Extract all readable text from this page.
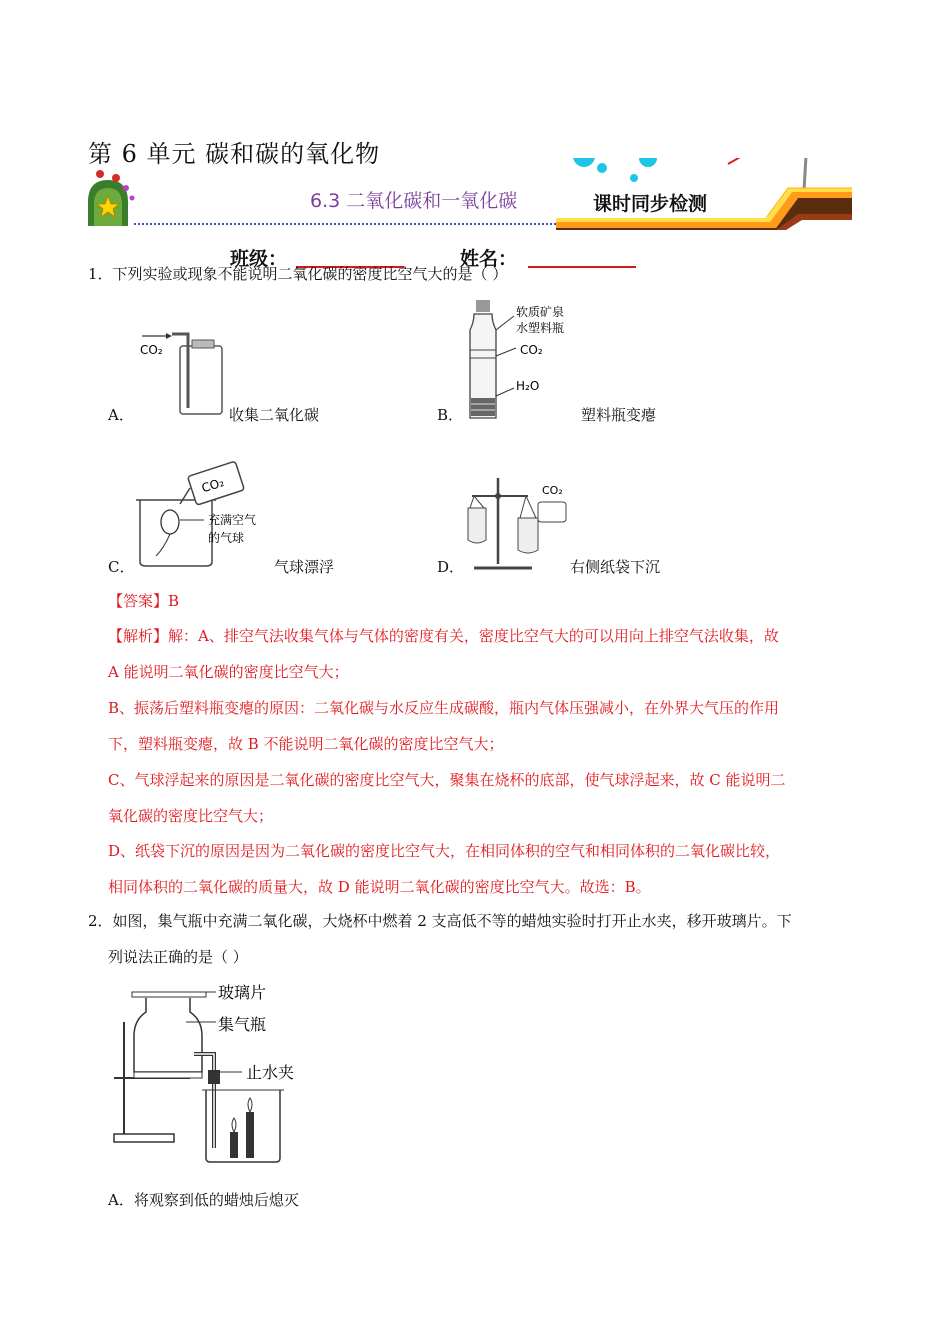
第 6 单元 碳和碳的氧化物
6.3 二氧化碳和一氧化碳	课时同步检测
班级：	姓名：
1．下列实验或现象不能说明二氧化碳的密度比空气大的是（ ）
CO₂
A．	收集二氧化碳
软质矿泉
水塑料瓶
CO₂
H₂O
B．	塑料瓶变瘪
CO₂
充满空气
的气球
C．	气球漂浮
CO₂
D．	右侧纸袋下沉
【答案】B
【解析】解：A、排空气法收集气体与气体的密度有关，密度比空气大的可以用向上排空气法收集，故
A 能说明二氧化碳的密度比空气大；
B、振荡后塑料瓶变瘪的原因：二氧化碳与水反应生成碳酸，瓶内气体压强减小，在外界大气压的作用
下，塑料瓶变瘪，故 B 不能说明二氧化碳的密度比空气大；
C、气球浮起来的原因是二氧化碳的密度比空气大，聚集在烧杯的底部，使气球浮起来，故 C 能说明二
氧化碳的密度比空气大；
D、纸袋下沉的原因是因为二氧化碳的密度比空气大，在相同体积的空气和相同体积的二氧化碳比较，
相同体积的二氧化碳的质量大，故 D 能说明二氧化碳的密度比空气大。故选：B。
2．如图，集气瓶中充满二氧化碳，大烧杯中燃着 2 支高低不等的蜡烛实验时打开止水夹，移开玻璃片。下
列说法正确的是（ ）
玻璃片
集气瓶
止水夹
A．将观察到低的蜡烛后熄灭
